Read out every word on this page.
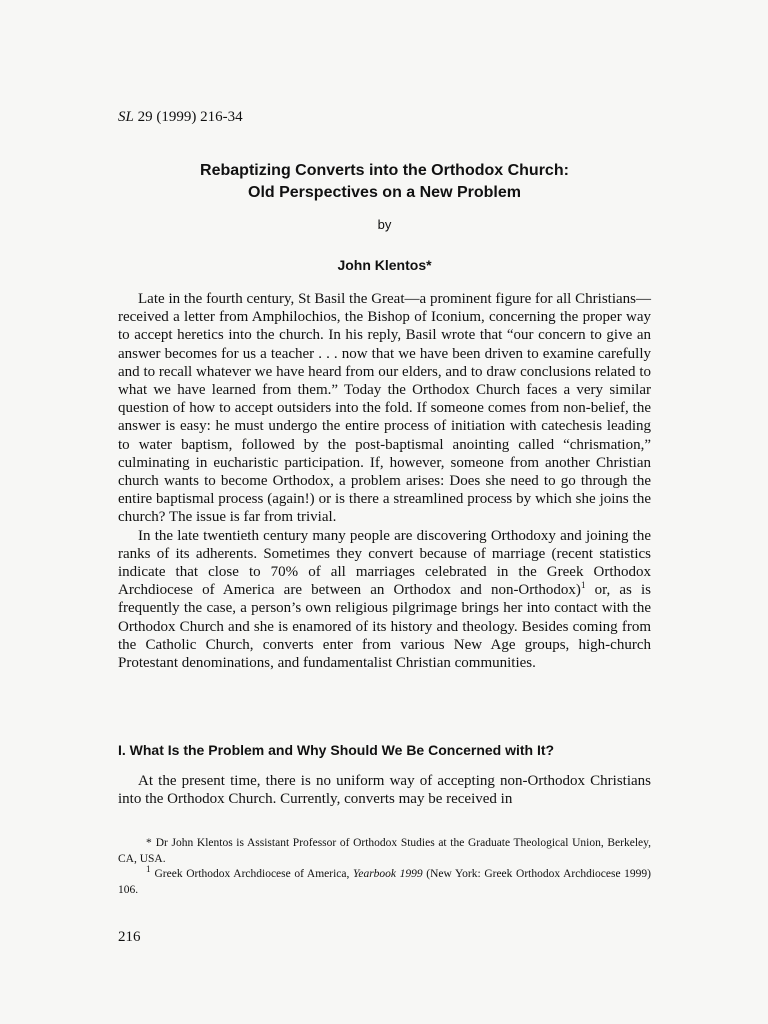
SL 29 (1999) 216-34
Rebaptizing Converts into the Orthodox Church:
Old Perspectives on a New Problem
by
John Klentos*

Late in the fourth century, St Basil the Great—a prominent figure for all Christians—received a letter from Amphilochios, the Bishop of Iconium, concerning the proper way to accept heretics into the church. In his reply, Basil wrote that “our concern to give an answer becomes for us a teacher . . . now that we have been driven to examine carefully and to recall whatever we have heard from our elders, and to draw conclusions related to what we have learned from them.” Today the Orthodox Church faces a very similar question of how to accept outsiders into the fold. If someone comes from non-belief, the answer is easy: he must undergo the entire process of initiation with catechesis leading to water baptism, followed by the post-baptismal anointing called “chrismation,” culminating in eucharistic participation. If, however, someone from another Christian church wants to become Orthodox, a problem arises: Does she need to go through the entire baptismal process (again!) or is there a streamlined process by which she joins the church? The issue is far from trivial.

In the late twentieth century many people are discovering Orthodoxy and joining the ranks of its adherents. Sometimes they convert because of marriage (recent statistics indicate that close to 70% of all marriages celebrated in the Greek Orthodox Archdiocese of America are between an Orthodox and non-Orthodox)$^1$ or, as is frequently the case, a person’s own religious pilgrimage brings her into contact with the Orthodox Church and she is enamored of its history and theology. Besides coming from the Catholic Church, converts enter from various New Age groups, high-church Protestant denominations, and fundamentalist Christian communities.

I. What Is the Problem and Why Should We Be Concerned with It?

At the present time, there is no uniform way of accepting non-Orthodox Christians into the Orthodox Church. Currently, converts may be received in

* Dr John Klentos is Assistant Professor of Orthodox Studies at the Graduate Theological Union, Berkeley, CA, USA.

$^1$ Greek Orthodox Archdiocese of America, Yearbook 1999 (New York: Greek Orthodox Archdiocese 1999) 106.

216
